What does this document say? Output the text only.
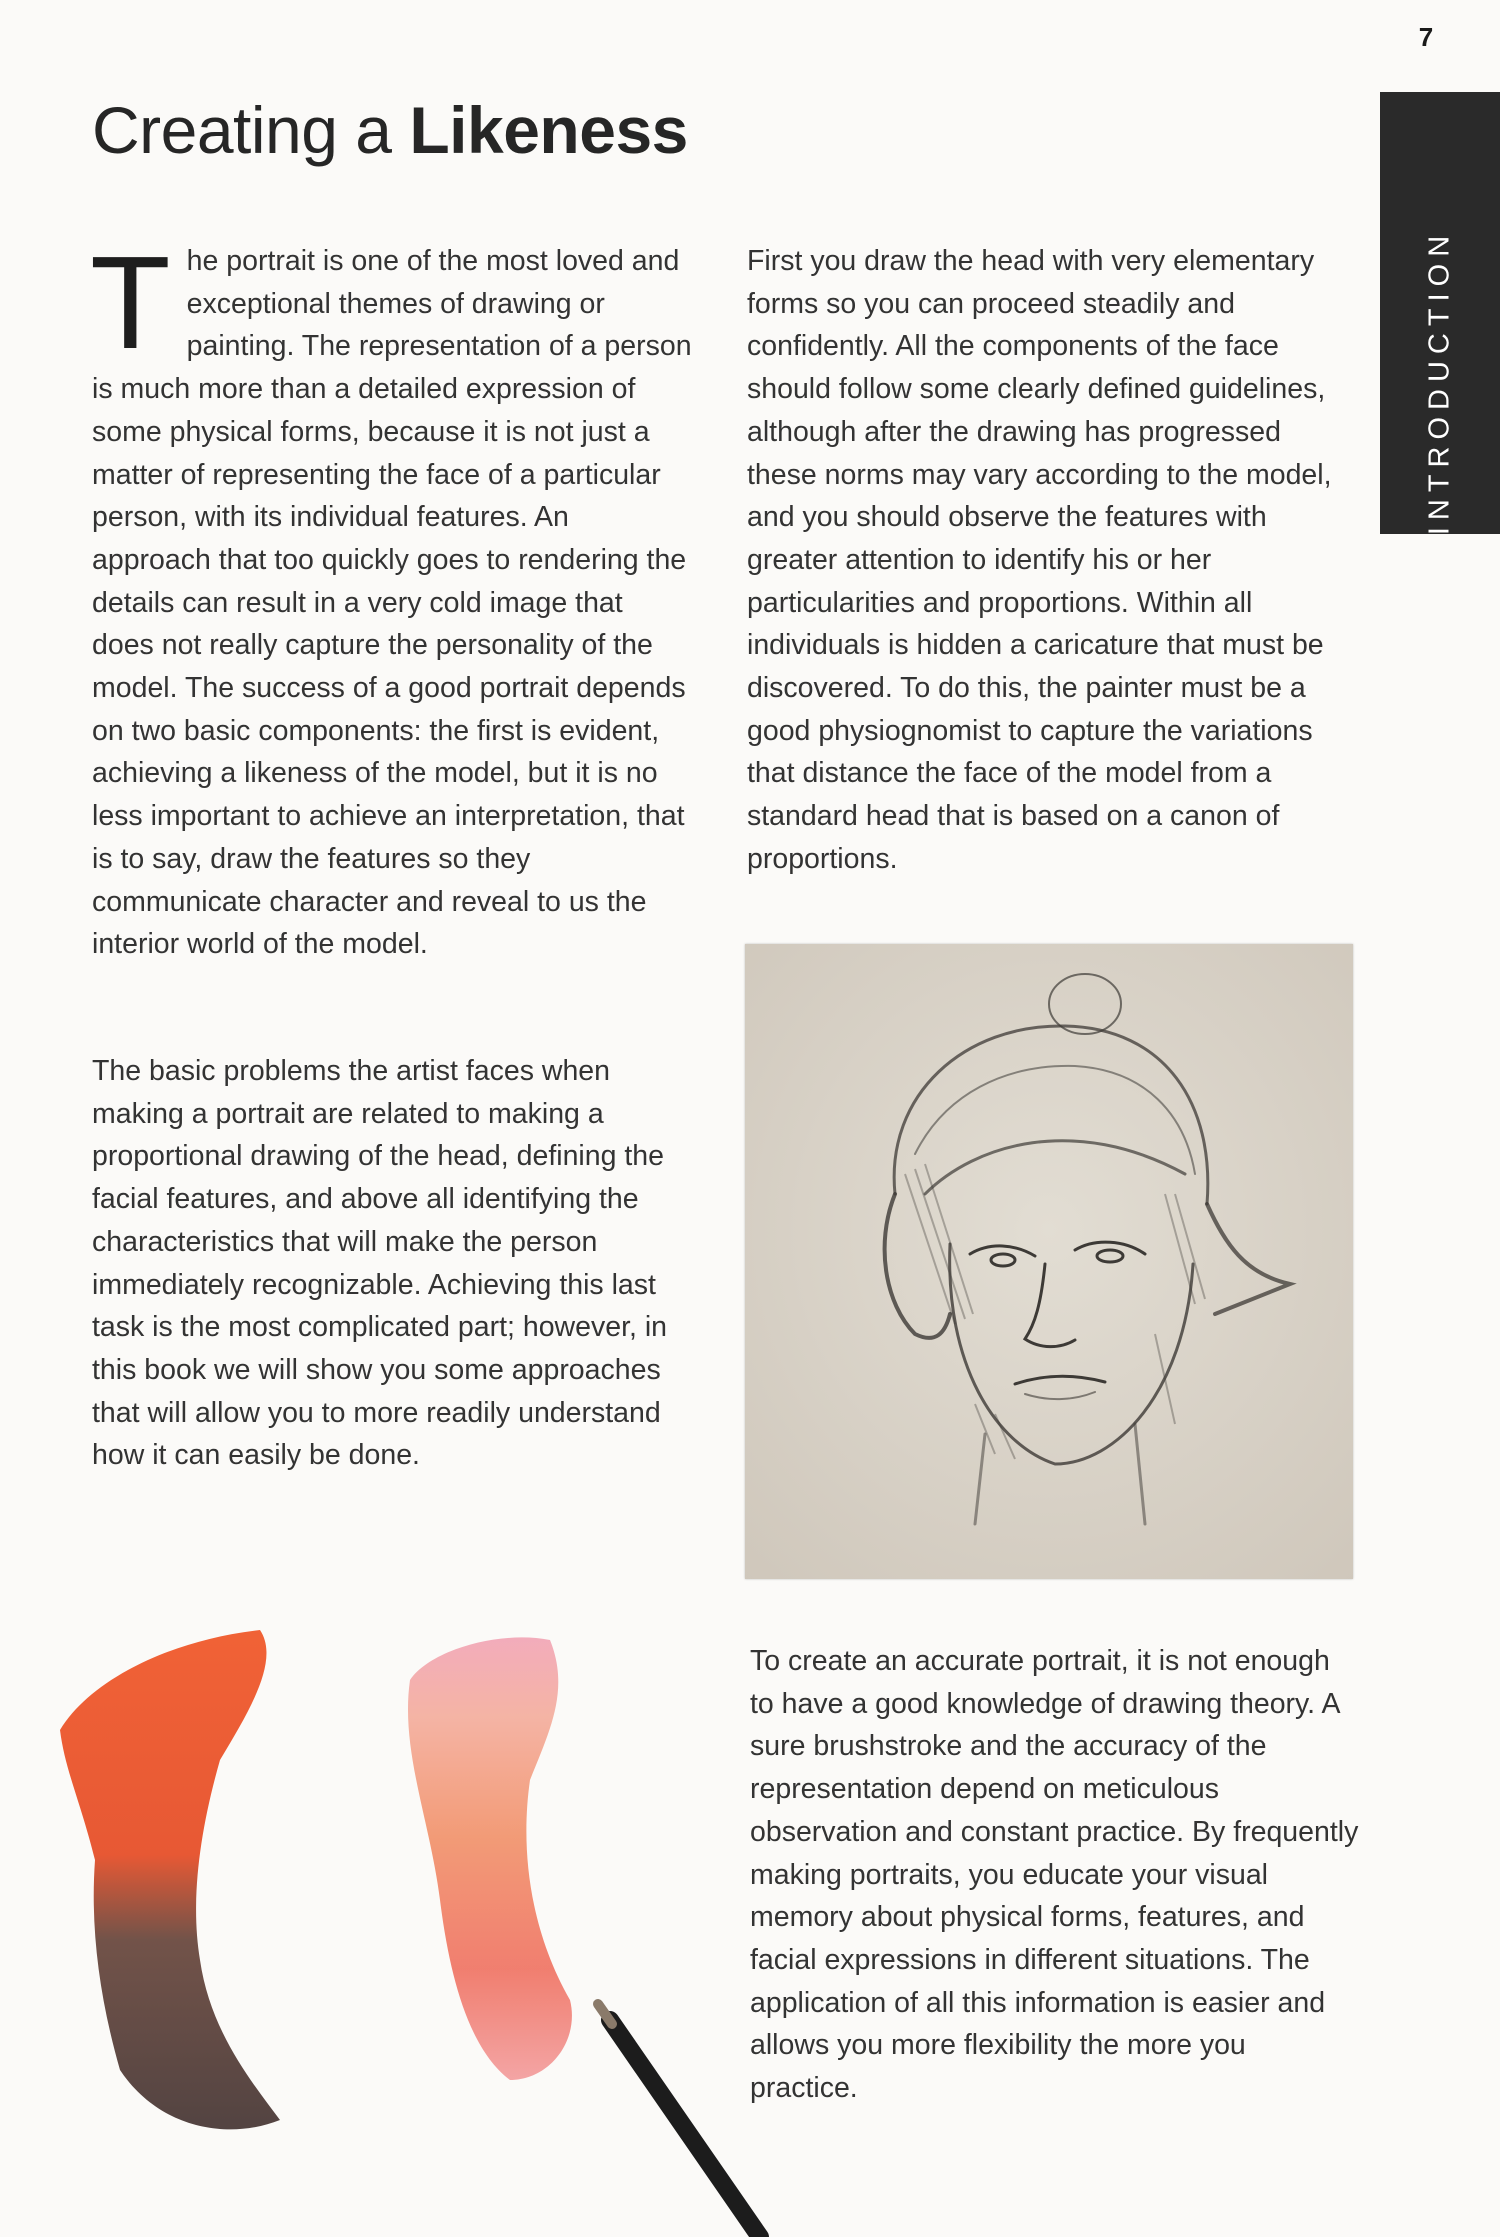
7
INTRODUCTION
Creating a Likeness
T he portrait is one of the most loved and exceptional themes of drawing or painting. The representation of a person is much more than a detailed expression of some physical forms, because it is not just a matter of representing the face of a particular person, with its individual features. An approach that too quickly goes to rendering the details can result in a very cold image that does not really capture the personality of the model. The success of a good portrait depends on two basic components: the first is evident, achieving a likeness of the model, but it is no less important to achieve an interpretation, that is to say, draw the features so they communicate character and reveal to us the interior world of the model.

The basic problems the artist faces when making a portrait are related to making a proportional drawing of the head, defining the facial features, and above all identifying the characteristics that will make the person immediately recognizable. Achieving this last task is the most complicated part; however, in this book we will show you some approaches that will allow you to more readily understand how it can easily be done.

First you draw the head with very elementary forms so you can proceed steadily and confidently. All the components of the face should follow some clearly defined guidelines, although after the drawing has progressed these norms may vary according to the model, and you should observe the features with greater attention to identify his or her particularities and proportions. Within all individuals is hidden a caricature that must be discovered. To do this, the painter must be a good physiognomist to capture the variations that distance the face of the model from a standard head that is based on a canon of proportions.

To create an accurate portrait, it is not enough to have a good knowledge of drawing theory. A sure brushstroke and the accuracy of the representation depend on meticulous observation and constant practice. By frequently making portraits, you educate your visual memory about physical forms, features, and facial expressions in different situations. The application of all this information is easier and allows you more flexibility the more you practice.
